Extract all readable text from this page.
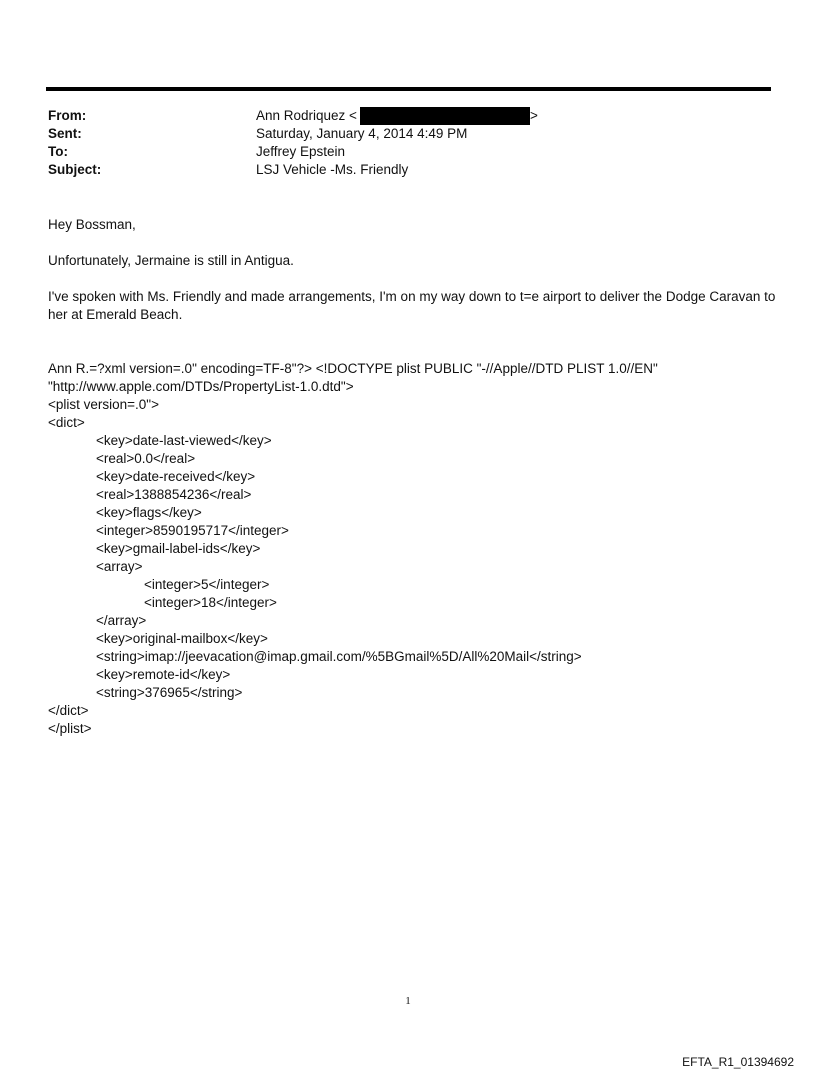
From:	Ann Rodriquez <	>
Sent:	Saturday, January 4, 2014 4:49 PM
To:	Jeffrey Epstein
Subject:	LSJ Vehicle -Ms. Friendly

Hey Bossman,

Unfortunately, Jermaine is still in Antigua.

I've spoken with Ms. Friendly and made arrangements, I'm on my way down to t=e airport to deliver the Dodge Caravan to her at Emerald Beach.

Ann R.=?xml version=.0" encoding=TF-8"?> <!DOCTYPE plist PUBLIC "-//Apple//DTD PLIST 1.0//EN"
"http://www.apple.com/DTDs/PropertyList-1.0.dtd">
<plist version=.0">
<dict>
<key>date-last-viewed</key>
<real>0.0</real>
<key>date-received</key>
<real>1388854236</real>
<key>flags</key>
<integer>8590195717</integer>
<key>gmail-label-ids</key>
<array>
<integer>5</integer>
<integer>18</integer>
</array>
<key>original-mailbox</key>
<string>imap://jeevacation@imap.gmail.com/%5BGmail%5D/All%20Mail</string>
<key>remote-id</key>
<string>376965</string>
</dict>
</plist>
1
EFTA_R1_01394692
